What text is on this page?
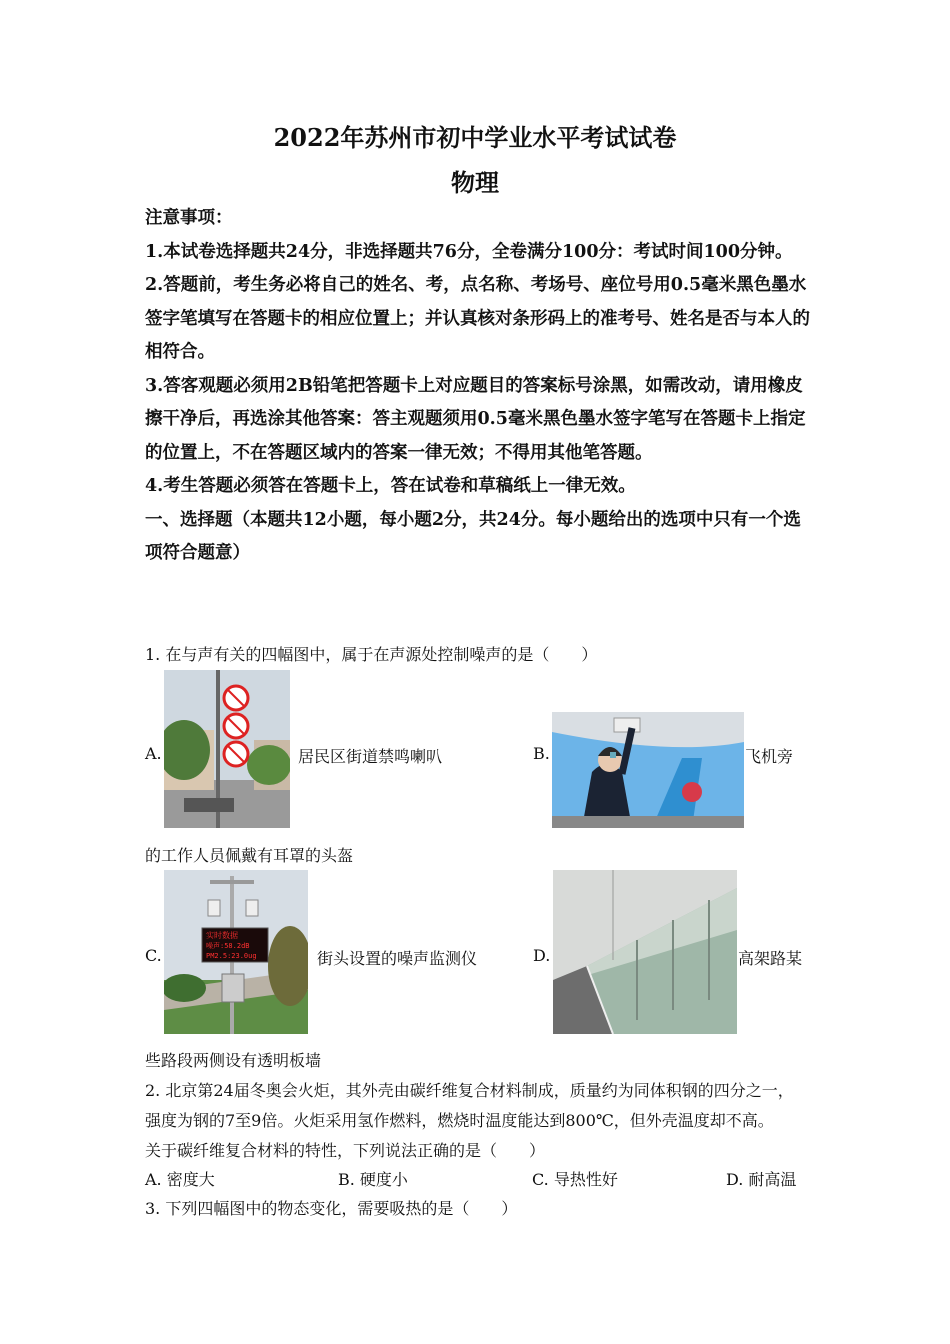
2022年苏州市初中学业水平考试试卷
物理

注意事项：

1.本试卷选择题共24分，非选择题共76分，全卷满分100分：考试时间100分钟。

2.答题前，考生务必将自己的姓名、考，点名称、考场号、座位号用0.5毫米黑色墨水签字笔填写在答题卡的相应位置上；并认真核对条形码上的准考号、姓名是否与本人的相符合。

3.答客观题必须用2B铅笔把答题卡上对应题目的答案标号涂黑，如需改动，请用橡皮擦干净后，再选涂其他答案：答主观题须用0.5毫米黑色墨水签字笔写在答题卡上指定的位置上，不在答题区域内的答案一律无效；不得用其他笔答题。

4.考生答题必须答在答题卡上，答在试卷和草稿纸上一律无效。

一、选择题（本题共12小题，每小题2分，共24分。每小题给出的选项中只有一个选项符合题意）

1. 在与声有关的四幅图中，属于在声源处控制噪声的是（　　）
A.	居民区街道禁鸣喇叭	B.	飞机旁
的工作人员佩戴有耳罩的头盔
C.
实时数据
噪声:58.2dB
PM2.5:23.0ug	街头设置的噪声监测仪	D.	高架路某
些路段两侧设有透明板墙
2. 北京第24届冬奥会火炬，其外壳由碳纤维复合材料制成，质量约为同体积钢的四分之一，
强度为钢的7至9倍。火炬采用氢作燃料，燃烧时温度能达到800℃，但外壳温度却不高。
关于碳纤维复合材料的特性，下列说法正确的是（　　）
A. 密度大	B. 硬度小	C. 导热性好	D. 耐高温
3. 下列四幅图中的物态变化，需要吸热的是（　　）
